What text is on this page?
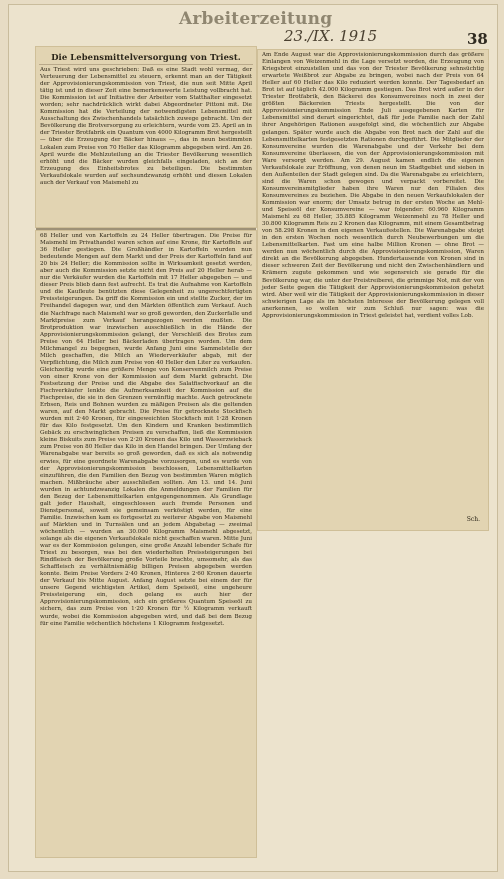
Arbeiterzeitung
23./IX. 1915	38

Die Lebensmittelversorgung von Triest.

Aus Triest wird uns geschrieben: Daß es eine Stadt wohl vermag, der Verteuerung der Lebensmittel zu steuern, erkennt man an der Tätigkeit der Approvisionierungskommission von Triest, die nun seit Mitte April tätig ist und in dieser Zeit eine bemerkenswerte Leistung vollbracht hat. Die Kommission ist auf Initiative der Arbeiter vom Statthalter eingesetzt worden; sehr nachdrücklich wirkt dabei Abgeordneter Pittoni mit. Die Kommission hat die Verteilung der notwendigsten Lebensmittel mit Ausschaltung des Zwischenhandels tatsächlich zuwege gebracht. Um der Bevölkerung die Brotversorgung zu erleichtern, wurde vom 25. April an in der Triester Brotfabrik ein Quantum von 4000 Kilogramm Brot hergestellt — über die Erzeugung der Bäcker hinaus —, das in neun bestimmten Lokalen zum Preise von 70 Heller das Kilogramm abgegeben wird. Am 26. April wurde die Mehlzuteilung an die Triester Bevölkerung wesentlich erhöht und die Bäcker wurden gleichfalls eingeladen, sich an der Erzeugung des Einheitsbrotes zu beteiligen. Die bestimmten Verkaufslokale wurden auf sechsundzwanzig erhöht und diesen Lokalen auch der Verkauf von Maismehl zu

68 Heller und von Kartoffeln zu 24 Heller übertragen. Die Preise für Maismehl im Privathandel waren schon auf eine Krone, für Kartoffeln auf 36 Heller gestiegen. Die Großhändler in Kartoffeln wurden nun bedeutende Mengen auf dem Markt und der Preis der Kartoffeln fand auf 20 bis 24 Heller; die Kommission sollte in Wirksamkeit gesetzt werden, aber auch die Kommission setzte nicht den Preis auf 20 Heller herab — nur die Verkäufer wurden die Kartoffeln mit 17 Heller abgegeben — und dieser Preis blieb dann fest aufrecht. Es trat die Aufnahme von Kartoffeln und die Kaufleute benützten diese Gelegenheit zu ungerechtfertigten Preissteigerungen. Da griff die Kommission ein und stellte Zucker, der im Freihandel dagegen war, und den Märkten öffentlich zum Verkauf. Auch die Nachfrage nach Maismehl war so groß geworden, den Zuckerfalle und Marktpreise zum Verkauf herangezogen werden mußten. Die Brotproduktion war inzwischen ausschließlich in die Hände der Approvisionierungskommission gelangt, der Verschleiß des Brotes zum Preise von 64 Heller bei Bäckerladen übertragen worden. Um dem Milchmangel zu begegnen, wurde Anfang Juni eine Sammelstelle der Milch geschaffen, die Milch an Wiederverkäufer abgab, mit der Verpflichtung, die Milch zum Preise von 40 Heller den Liter zu verkaufen. Gleichzeitig wurde eine größere Menge von Konservenmilch zum Preise von einer Krone von der Kommission auf dem Markt gebracht. Die Festsetzung der Preise und die Abgabe des Salatfischvorkauf an die Fischverkäufer lenkte die Aufmerksamkeit der Kommission auf die Fischpreise, die sie in den Grenzen vernünftig machte. Auch getrocknete Erbsen, Reis und Bohnen wurden zu mäßigen Preisen als die geltenden waren, auf den Markt gebracht. Die Preise für getrocknete Stockfisch wurden mit 2·40 Kronen, für eingeweichten Stockfisch mit 1·28 Kronen für das Kilo festgesetzt. Um den Kindern und Kranken bestimmtlich Gebäck zu erschwinglichen Preisen zu verschaffen, ließ die Kommission kleine Biskuits zum Preise von 2·20 Kronen das Kilo und Wasserzwieback zum Preise von 80 Heller das Kilo in den Handel bringen. Der Umfang der Warenabgabe war bereits so groß geworden, daß es sich als notwendig erwies, für eine geordnete Warenabgabe vorzusorgen, und es wurde von der Approvisionierungskommission beschlossen, Lebensmittelkarten einzuführen, die den Familien den Bezug von bestimmten Waren möglich machen. Mißbräuche aber ausschließen sollten. Am 13. und 14. Juni wurden in achtundzwanzig Lokalen die Anmeldungen der Familien für den Bezug der Lebensmittelkarten entgegengenommen. Als Grundlage galt jeder Haushalt, eingeschlossen auch fremde Personen und Dienstpersonal, soweit sie gemeinsam verköstigt werden, für eine Familie. Inzwischen kam es fortgesetzt zu weiterer Abgabe von Maismehl auf Märkten und in Turnsälen und an jedem Abgabetag — zweimal wöchentlich — wurden an 30.000 Kilogramm Maismehl abgesetzt, solange als die eigenen Verkaufslokale nicht geschaffen waren. Mitte Juni war es der Kommission gelungen, eine große Anzahl lebender Schafe für Triest zu besorgen, was bei den wiederholten Preissteigerungen bei Rindfleisch der Bevölkerung große Vorteile brachte, umsomehr, als das Schaffleisch zu verhältnismäßig billigen Preisen abgegeben werden konnte. Beim Preise Vorders 2·40 Kronen, Hinteres 2·60 Kronen dauerte der Verkauf bis Mitte August. Anfang August setzte bei einem der für unsere Gegend wichtigsten Artikel, dem Speiseöl, eine ungeheure Preissteigerung ein, doch gelang es auch hier der Approvisionierungskommission, sich ein größeres Quantum Speiseöl zu sichern, das zum Preise von 1·20 Kronen für ½ Kilogramm verkauft wurde, wobei die Kommission abgegeben wird, und daß bei dem Bezug für eine Familie wöchentlich höchstens 1 Kilogramm festgesetzt.

Am Ende August war die Approvisionierungskommission durch das größere Einlangen von Weizenmehl in die Lage versetzt worden, die Erzeugung von Kriegsbrot einzustellen und das von der Triester Bevölkerung sehnsüchtig erwartete Weißbrot zur Abgabe zu bringen, wobei nach der Preis von 64 Heller auf 60 Heller das Kilo reduziert werden konnte. Der Tagesbedarf an Brot ist auf täglich 42.000 Kilogramm gestiegen. Das Brot wird außer in der Triester Brotfabrik, den Bäckerei des Konsumvereines noch in zwei der größten Bäckereien Triests hergestellt. Die von der Approvisionierungskommission Ende Juli ausgegebenen Karten für Lebensmittel sind derart eingerichtet, daß für jede Familie nach der Zahl ihrer Angehörigen Rationen ausgefolgt sind, die wöchentlich zur Abgabe gelangen. Später wurde auch die Abgabe von Brot nach der Zahl auf die Lebensmittelkarten festgesetzten Rationen durchgeführt. Die Mitglieder der Konsumvereine wurden die Warenabgabe und der Verkehr bei dem Konsumvereine überlassen, die von der Approvisionierungskommission mit Ware versorgt werden. Am 29. August kamen endlich die eigenen Verkaufslokale zur Eröffnung, von denen neun im Stadtgebiet und sieben in den Außenteilen der Stadt gelegen sind. Da die Warenabgabe zu erleichtern, sind die Waren schon gewogen und verpackt vorbereitet. Die Konsumvereinsmitglieder haben ihre Waren nur den Filialen des Konsumvereines zu beziehen. Die Abgabe in den neuen Verkaufslokalen der Kommission war enorm; der Umsatz betrug in der ersten Woche an Mehl- und Speiseöl der Konsumvereine — war folgender: 60.960 Kilogramm Maismehl zu 68 Heller, 35.885 Kilogramm Weizenmehl zu 78 Heller und 30.800 Kilogramm Reis zu 2 Kronen das Kilogramm, mit einem Gesamtbetrag von 58.298 Kronen in den eigenen Verkaufsstellen. Die Warenabgabe steigt in den ersten Wochen noch wesentlich durch Neubewerbungen um die Lebensmittelkarten. Fast um eine halbe Million Kronen — ohne Brot — werden nun wöchentlich durch die Approvisionierungskommission, Waren direkt an die Bevölkerung abgegeben. Hundertausende von Kronen sind in dieser schweren Zeit der Bevölkerung und nicht den Zwischenhändlern und Krämern zugute gekommen und wie segensreich sie gerade für die Bevölkerung war, die unter der Preistreiberei, die grimmige Not, mit der von jeder Seite gegen die Tätigkeit der Approvisionierungskommission gehetzt wird. Aber weil wir die Tätigkeit der Approvisionierungskommission in dieser schwierigen Lage als im höchsten Interesse der Bevölkerung gelegen voll anerkennen, so wollen wir zum Schluß nur sagen: was die Approvisionierungskommission in Triest geleistet hat, verdient volles Lob.

Sch.
